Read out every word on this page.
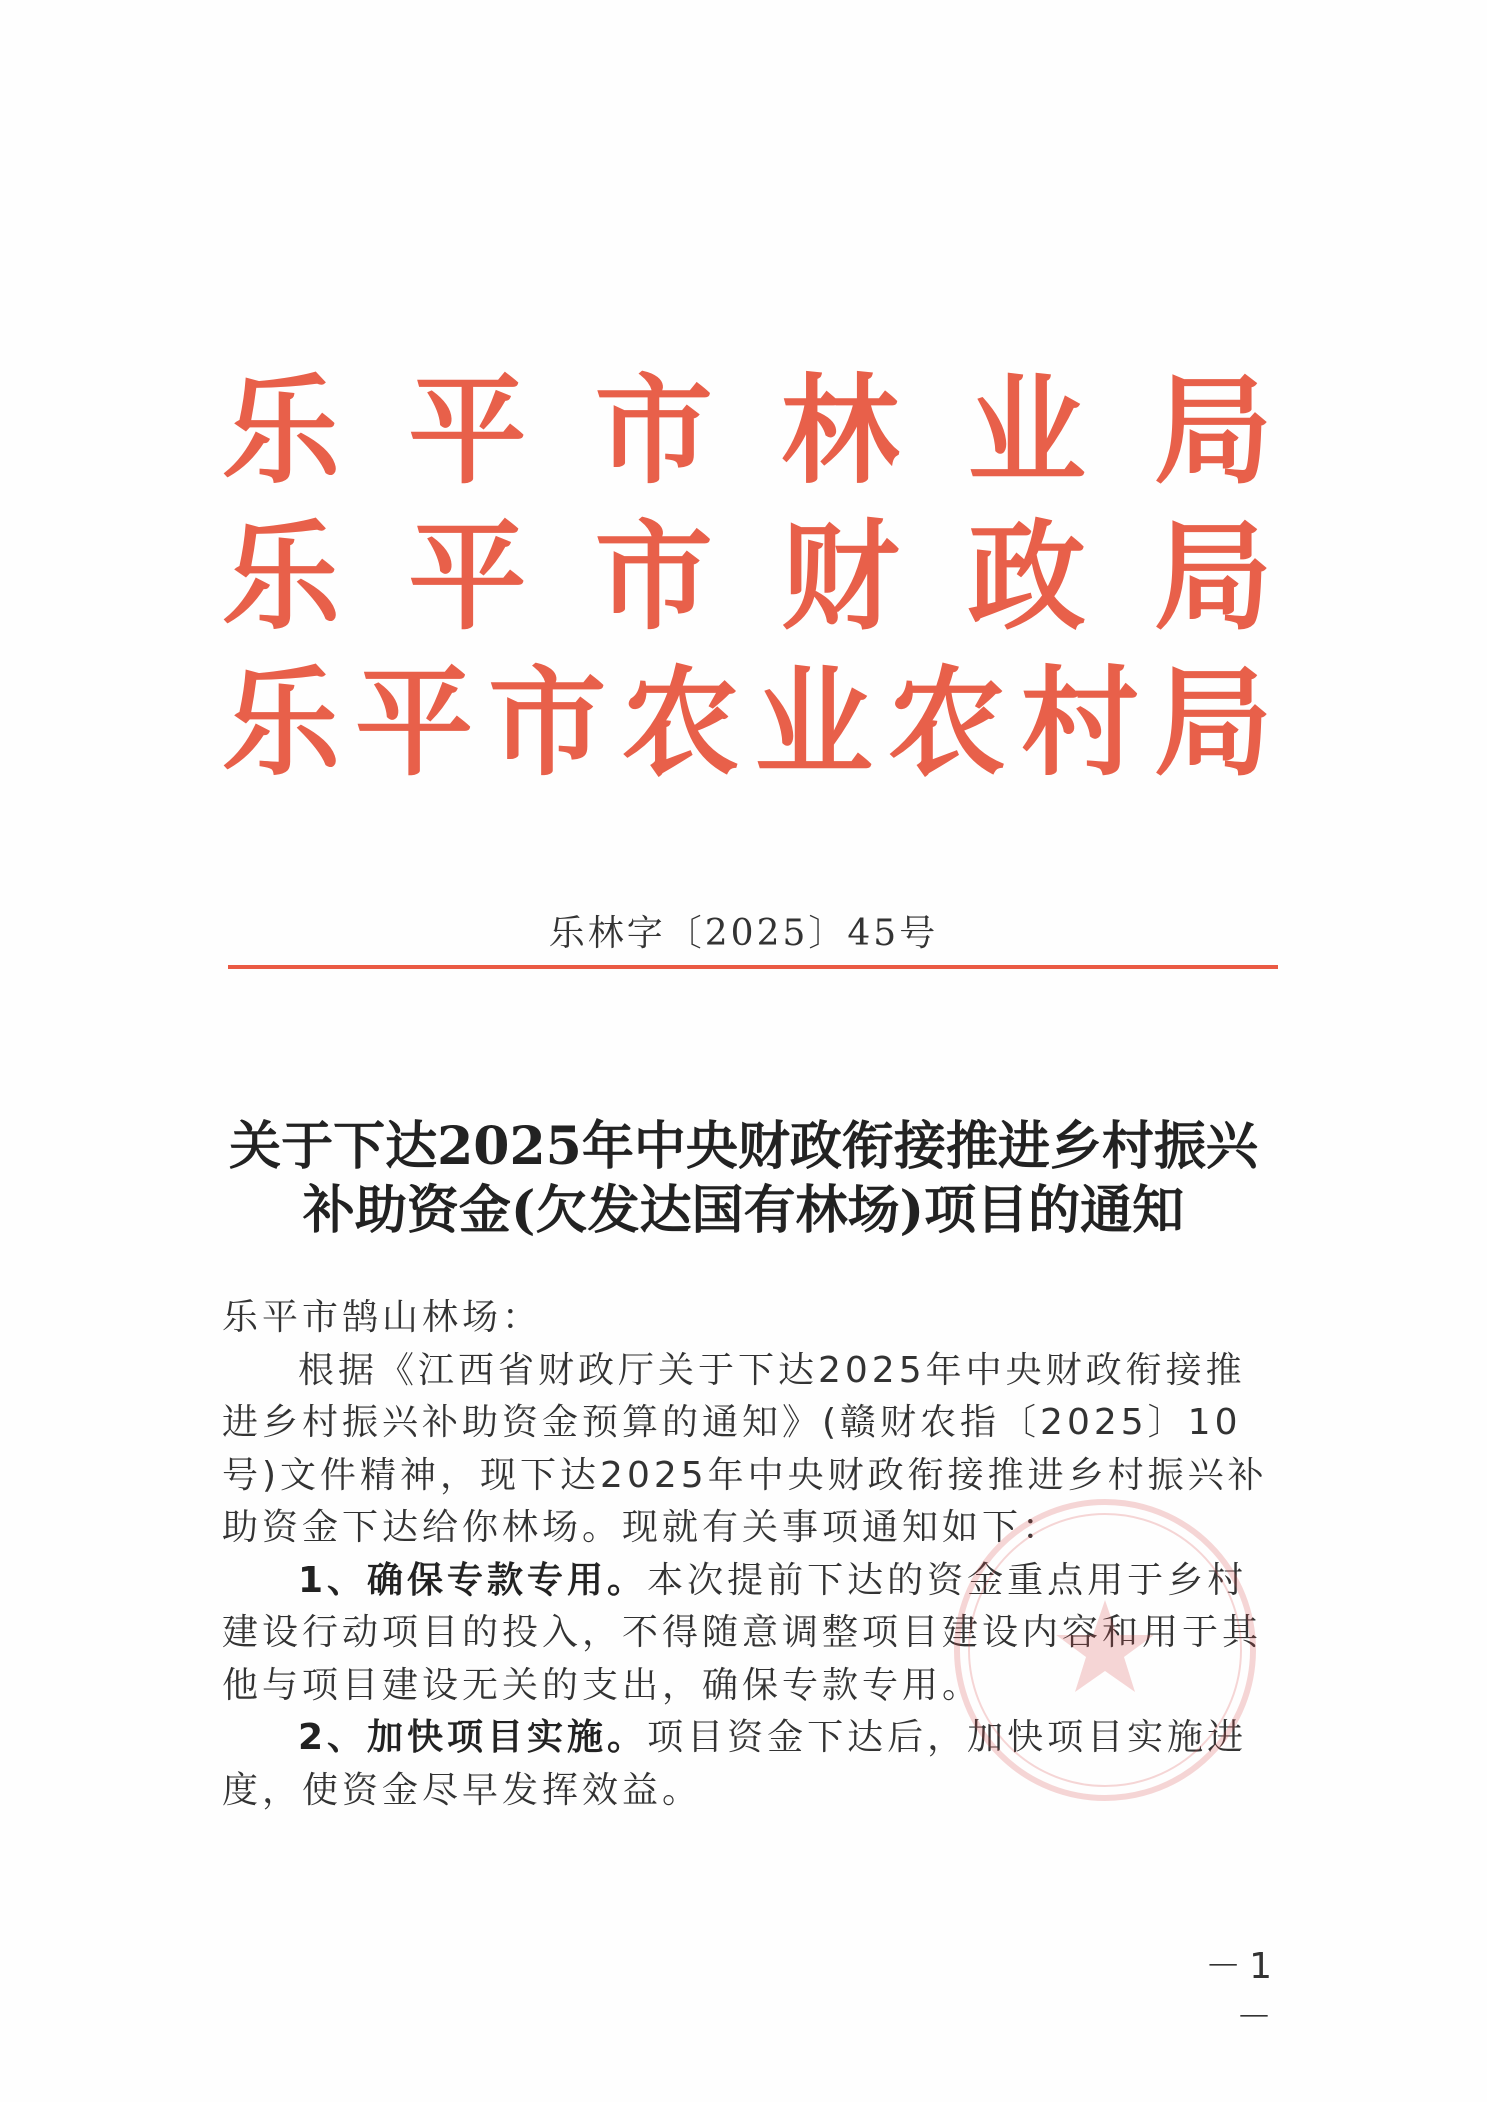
乐 平 市 林 业 局
乐 平 市 财 政 局
乐 平 市 农 业 农 村 局
乐林字〔2025〕45号
关于下达2025年中央财政衔接推进乡村振兴
补助资金(欠发达国有林场)项目的通知

乐平市鹄山林场：

根据《江西省财政厅关于下达2025年中央财政衔接推进乡村振兴补助资金预算的通知》(赣财农指〔2025〕10号)文件精神，现下达2025年中央财政衔接推进乡村振兴补助资金下达给你林场。现就有关事项通知如下：

1、确保专款专用。本次提前下达的资金重点用于乡村建设行动项目的投入，不得随意调整项目建设内容和用于其他与项目建设无关的支出，确保专款专用。

2、加快项目实施。项目资金下达后，加快项目实施进度，使资金尽早发挥效益。

－1－
